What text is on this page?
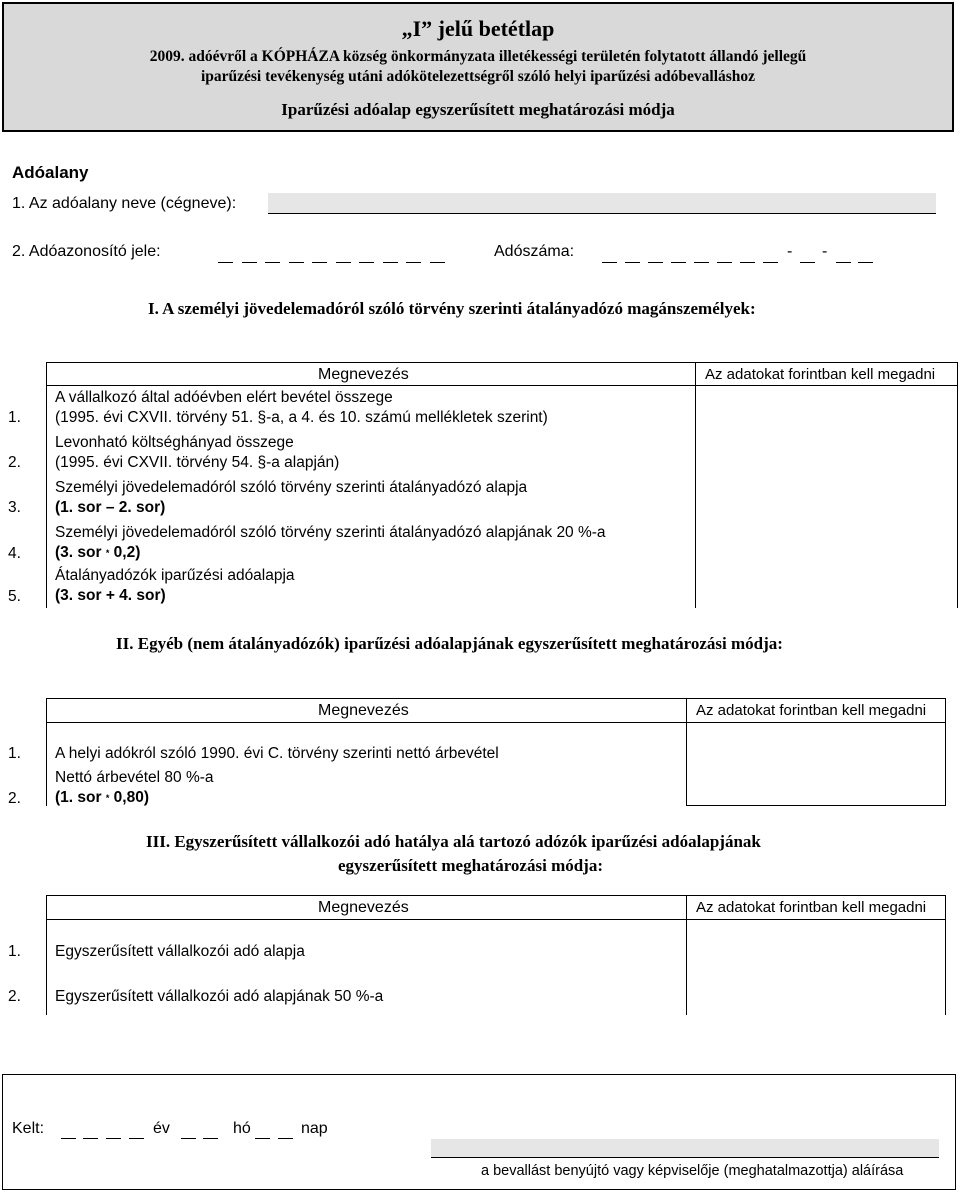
„I” jelű betétlap
2009. adóévről a KÓPHÁZA község önkormányzata illetékességi területén folytatott állandó jellegű
iparűzési tevékenység utáni adókötelezettségről szóló helyi iparűzési adóbevalláshoz
Iparűzési adóalap egyszerűsített meghatározási módja
Adóalany
1. Az adóalany neve (cégneve):
2. Adóazonosító jele:	Adószáma:	- -
I. A személyi jövedelemadóról szóló törvény szerinti átalányadózó magánszemélyek:
Megnevezés	Az adatokat forintban kell megadni
1.
A vállalkozó által adóévben elért bevétel összege
(1995. évi CXVII. törvény 51. §-a, a 4. és 10. számú mellékletek szerint)
2.
Levonható költséghányad összege
(1995. évi CXVII. törvény 54. §-a alapján)
3.
Személyi jövedelemadóról szóló törvény szerinti átalányadózó alapja
(1. sor – 2. sor)
4.
Személyi jövedelemadóról szóló törvény szerinti átalányadózó alapjának 20 %-a
(3. sor * 0,2)
5.
Átalányadózók iparűzési adóalapja
(3. sor + 4. sor)
II. Egyéb (nem átalányadózók) iparűzési adóalapjának egyszerűsített meghatározási módja:
Megnevezés	Az adatokat forintban kell megadni
1. A helyi adókról szóló 1990. évi C. törvény szerinti nettó árbevétel
2.
Nettó árbevétel 80 %-a
(1. sor * 0,80)
III. Egyszerűsített vállalkozói adó hatálya alá tartozó adózók iparűzési adóalapjának
egyszerűsített meghatározási módja:
Megnevezés	Az adatokat forintban kell megadni
1. Egyszerűsített vállalkozói adó alapja
2. Egyszerűsített vállalkozói adó alapjának 50 %-a
Kelt:	év	hó	nap
a bevallást benyújtó vagy képviselője (meghatalmazottja) aláírása
